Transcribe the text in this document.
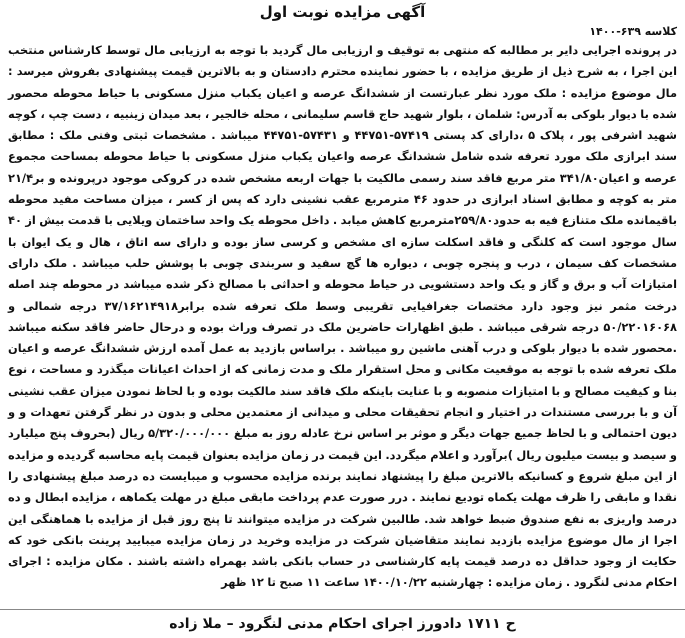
آگهی مزایده نوبت اول
کلاسه ۶۳۹-۱۴۰۰

در پرونده اجرایی دایر بر مطالبه که منتهی به توقیف و ارزیابی مال گردید با توجه به ارزیابی مال توسط کارشناس منتخب این اجرا ، به شرح ذیل از طریق مزایده ، با حضور نماینده محترم دادستان و به بالاترین قیمت پیشنهادی بفروش میرسد : مال موضوع مزایده : ملک مورد نظر عبارتست از ششدانگ عرصه و اعیان یکباب منزل مسکونی با حیاط محوطه محصور شده با دیوار بلوکی به آدرس: شلمان ، بلوار شهید حاج قاسم سلیمانی ، محله خالجیر ، بعد میدان زینبیه ، دست چپ ، کوچه شهید اشرفی پور ، پلاک ۵ ،دارای کد پستی ۵۷۴۱۹-۴۴۷۵۱ و ۵۷۴۳۱-۴۴۷۵۱ میباشد . مشخصات ثبتی وفنی ملک : مطابق سند ابرازی ملک مورد تعرفه شده شامل ششدانگ عرصه واعیان یکباب منزل مسکونی با حیاط محوطه بمساحت مجموع عرصه و اعیان۳۴۱/۸۰ متر مربع فاقد سند رسمی مالکیت با جهات اربعه مشخص شده در کروکی موجود درپرونده و بر۲۱/۴ متر به کوچه و مطابق اسناد ابرازی در حدود ۴۶ مترمربع عقب نشینی دارد که پس از کسر ، میزان مساحت مفید محوطه باقیمانده ملک متنازع فیه به حدود۲۵۹/۸۰مترمربع کاهش میابد . داخل محوطه یک واحد ساختمان ویلایی با قدمت بیش از ۴۰ سال موجود است که کلنگی و فاقد اسکلت سازه ای مشخص و کرسی ساز بوده و دارای سه اتاق ، هال و یک ایوان با مشخصات کف سیمان ، درب و پنجره چوبی ، دیواره ها گچ سفید و سربندی چوبی با پوشش حلب میباشد . ملک دارای امتیازات آب و برق و گاز و یک واحد دستشویی در حیاط محوطه و احداثی با مصالح ذکر شده میباشد در محوطه چند اصله درخت مثمر نیز وجود دارد مختصات جغرافیایی تقریبی وسط ملک تعرفه شده برابر۳۷/۱۶۲۱۴۹۱۸ درجه شمالی و ۵۰/۲۲۰۱۶۰۶۸ درجه شرقی میباشد . طبق اظهارات حاضرین ملک در تصرف وراث بوده و درحال حاضر فاقد سکنه میباشد .محصور شده با دیوار بلوکی و درب آهنی ماشین رو میباشد . براساس بازدید به عمل آمده ارزش ششدانگ عرصه و اعیان ملک تعرفه شده با توجه به موقعیت مکانی و محل استقرار ملک و مدت زمانی که از احداث اعیانات میگذرد و مساحت ، نوع بنا و کیفیت مصالح و با امتیازات منصوبه و با عنایت باینکه ملک فاقد سند مالکیت بوده و با لحاظ نمودن میزان عقب نشینی آن و با بررسی مستندات در اختیار و انجام تحقیقات محلی و میدانی از معتمدین محلی و بدون در نظر گرفتن تعهدات و و دیون احتمالی و با لحاظ جمیع جهات دیگر و موثر بر اساس نرخ عادله روز به مبلغ ۵/۳۲۰/۰۰۰/۰۰۰ ریال (بحروف پنج میلیارد و سیصد و بیست میلیون ریال )برآورد و اعلام میگردد. این قیمت در زمان مزایده بعنوان قیمت پایه محاسبه گردیده و مزایده از این مبلغ شروع و کسانیکه بالاترین مبلغ را پیشنهاد نمایند برنده مزایده محسوب و میبایست ده درصد مبلغ پیشنهادی را نقدا و مابقی را ظرف مهلت یکماه تودیع نمایند . درر صورت عدم پرداخت مابقی مبلغ در مهلت یکماهه ، مزایده ابطال و ده درصد واریزی به نفع صندوق ضبط خواهد شد. طالبین شرکت در مزایده میتوانند تا پنج روز قبل از مزایده با هماهنگی این اجرا از مال موضوع مزایده بازدید نمایند متقاضیان شرکت در مزایده وخرید در زمان مزایده میبایید پرینت بانکی خود که حکایت از وجود حداقل ده درصد قیمت پایه کارشناسی در حساب بانکی باشد بهمراه داشته باشند . مکان مزایده : اجرای احکام مدنی لنگرود . زمان مزایده : چهارشنبه ۱۴۰۰/۱۰/۲۲ ساعت ۱۱ صبح تا ۱۲ ظهر

ح ۱۷۱۱ دادورز اجرای احکام مدنی لنگرود – ملا زاده
